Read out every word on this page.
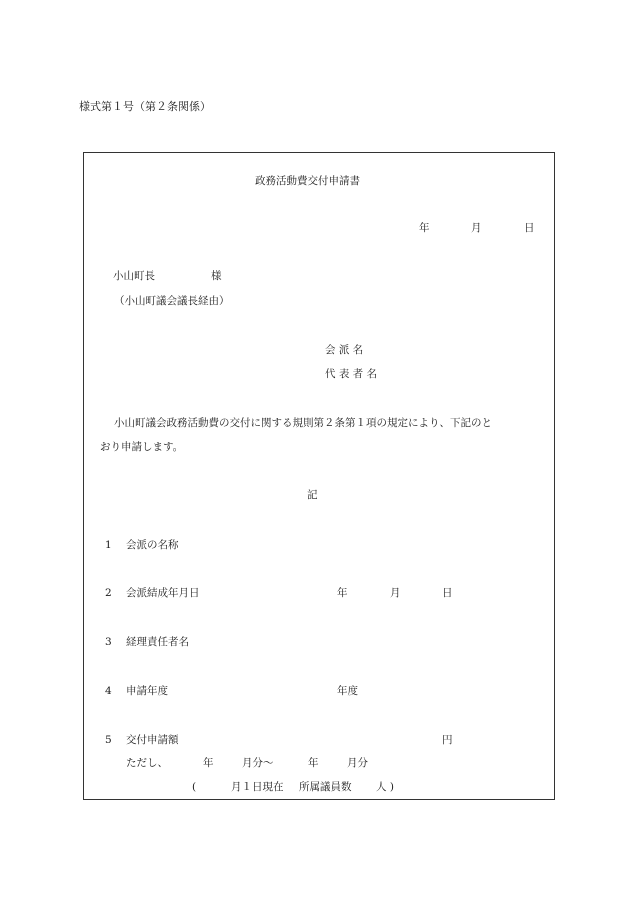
様式第１号（第２条関係）
政務活動費交付申請書
年	月	日
小山町長	様
（小山町議会議長経由）
会 派 名
代 表 者 名
小山町議会政務活動費の交付に関する規則第２条第１項の規定により、下記のと
おり申請します。
記
1 会派の名称
2 会派結成年月日	年	月	日
3 経理責任者名
4 申請年度	年度
5 交付申請額	円
ただし、	年	月分～	年	月分
(	月１日現在 所属議員数 人 )
